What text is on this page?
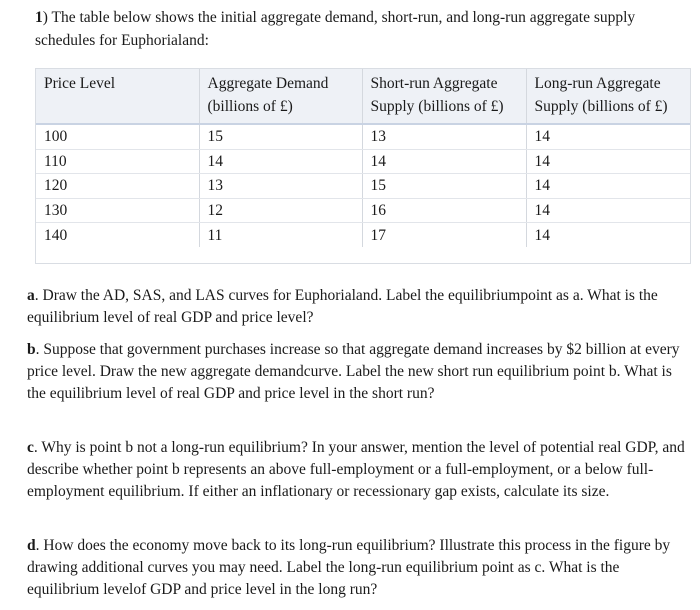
1) The table below shows the initial aggregate demand, short-run, and long-run aggregate supply schedules for Euphorialand:

Price Level	Aggregate Demand (billions of £)	Short-run Aggregate Supply (billions of £)	Long-run Aggregate Supply (billions of £)
100	15	13	14
110	14	14	14
120	13	15	14
130	12	16	14
140	11	17	14

a. Draw the AD, SAS, and LAS curves for Euphorialand. Label the equilibriumpoint as a. What is the equilibrium level of real GDP and price level?

b. Suppose that government purchases increase so that aggregate demand increases by $2 billion at every price level. Draw the new aggregate demandcurve. Label the new short run equilibrium point b. What is the equilibrium level of real GDP and price level in the short run?

c. Why is point b not a long-run equilibrium? In your answer, mention the level of potential real GDP, and describe whether point b represents an above full-employment or a full-employment, or a below full-employment equilibrium. If either an inflationary or recessionary gap exists, calculate its size.

d. How does the economy move back to its long-run equilibrium? Illustrate this process in the figure by drawing additional curves you may need. Label the long-run equilibrium point as c. What is the equilibrium levelof GDP and price level in the long run?
